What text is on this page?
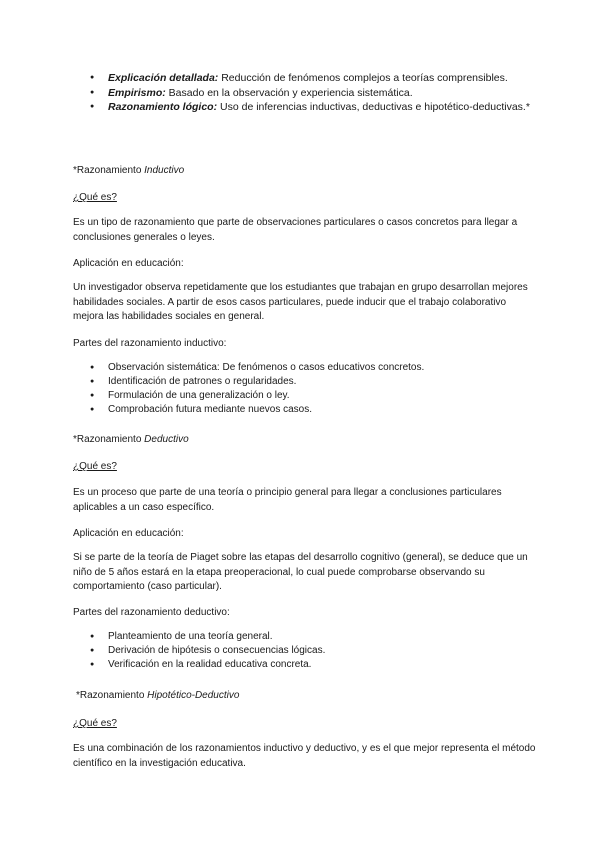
● Explicación detallada: Reducción de fenómenos complejos a teorías comprensibles.
● Empirismo: Basado en la observación y experiencia sistemática.
● Razonamiento lógico: Uso de inferencias inductivas, deductivas e hipotético-deductivas.*
*Razonamiento Inductivo
¿Qué es?
Es un tipo de razonamiento que parte de observaciones particulares o casos concretos para llegar a conclusiones generales o leyes.
Aplicación en educación:
Un investigador observa repetidamente que los estudiantes que trabajan en grupo desarrollan mejores habilidades sociales. A partir de esos casos particulares, puede inducir que el trabajo colaborativo mejora las habilidades sociales en general.
Partes del razonamiento inductivo:
● Observación sistemática: De fenómenos o casos educativos concretos.
● Identificación de patrones o regularidades.
● Formulación de una generalización o ley.
● Comprobación futura mediante nuevos casos.
*Razonamiento Deductivo
¿Qué es?
Es un proceso que parte de una teoría o principio general para llegar a conclusiones particulares aplicables a un caso específico.
Aplicación en educación:
Si se parte de la teoría de Piaget sobre las etapas del desarrollo cognitivo (general), se deduce que un niño de 5 años estará en la etapa preoperacional, lo cual puede comprobarse observando su comportamiento (caso particular).
Partes del razonamiento deductivo:
● Planteamiento de una teoría general.
● Derivación de hipótesis o consecuencias lógicas.
● Verificación en la realidad educativa concreta.
*Razonamiento Hipotético-Deductivo
¿Qué es?
Es una combinación de los razonamientos inductivo y deductivo, y es el que mejor representa el método científico en la investigación educativa.
